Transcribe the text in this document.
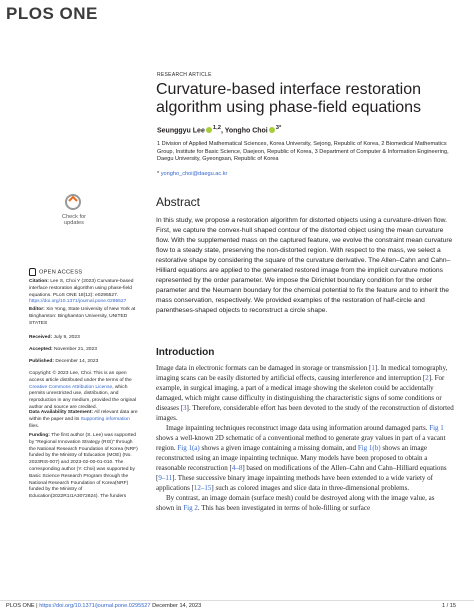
PLOS ONE
RESEARCH ARTICLE
Curvature-based interface restoration algorithm using phase-field equations
Seunggyu Lee $^{1,2}$, Yongho Choi $^{3*}$
1 Division of Applied Mathematical Sciences, Korea University, Sejong, Republic of Korea, 2 Biomedical Mathematics Group, Institute for Basic Science, Daejeon, Republic of Korea, 3 Department of Computer & Information Engineering, Daegu University, Gyeongsan, Republic of Korea
* yongho_choi@daegu.ac.kr
Check for updates
OPEN ACCESS
Citation: Lee S, Choi Y (2023) Curvature-based interface restoration algorithm using phase-field equations. PLoS ONE 18(12): e0295527. https://doi.org/10.1371/journal.pone.0295527
Editor: Xin Yong, State University of New York at Binghamton: Binghamton University, UNITED STATES
Received: July 9, 2023
Accepted: November 21, 2023
Published: December 14, 2023
Copyright: © 2023 Lee, Choi. This is an open access article distributed under the terms of the Creative Commons Attribution License, which permits unrestricted use, distribution, and reproduction in any medium, provided the original author and source are credited.
Data Availability Statement: All relevant data are within the paper and its Supporting information files.
Funding: The first author (S. Lee) was supported by "Regional Innovation Strategy (RIS)" through the National Research Foundation of Korea (NRF) funded by the Ministry of Education (MOE) (No. 2023RIS-007) and 2023-02-00-01-010. The corresponding author (Y. Choi) was supported by Basic Science Research Program through the National Research Foundation of Korea(NRF) funded by the Ministry of Education(2022R1I1A3072824). The funders
Abstract
In this study, we propose a restoration algorithm for distorted objects using a curvature-driven flow. First, we capture the convex-hull shaped contour of the distorted object using the mean curvature flow. With the supplemented mass on the captured feature, we evolve the constraint mean curvature flow to a steady state, preserving the non-distorted region. With respect to the mass, we select a restorative shape by considering the square of the curvature derivative. The Allen–Cahn and Cahn–Hilliard equations are applied to the generated restored image from the implicit curvature motions represented by the order parameter. We impose the Dirichlet boundary condition for the order parameter and the Neumann boundary for the chemical potential to fix the feature and to inherit the mass conservation, respectively. We provided examples of the restoration of half-circle and parentheses-shaped objects to reconstruct a circle shape.
Introduction

Image data in electronic formats can be damaged in storage or transmission [1]. In medical tomography, imaging scans can be easily distorted by artificial effects, causing interference and interruption [2]. For example, in surgical imaging, a part of a medical image showing the skeleton could be accidentally damaged, which might cause difficulty in distinguishing the characteristic signs of some conditions or diseases [3]. Therefore, considerable effort has been devoted to the study of the reconstruction of distorted images.

Image inpainting techniques reconstruct image data using information around damaged parts. Fig 1 shows a well-known 2D schematic of a conventional method to generate gray values in part of a vacant region. Fig 1(a) shows a given image containing a missing domain, and Fig 1(b) shows an image reconstructed using an image inpainting technique. Many models have been proposed to obtain a reasonable reconstruction [4–8] based on modifications of the Allen–Cahn and Cahn–Hilliard equations [9–11]. These successive binary image inpainting methods have been extended to a wide variety of applications [12–15] such as colored images and slice data in three-dimensional problems.

By contrast, an image domain (surface mesh) could be destroyed along with the image value, as shown in Fig 2. This has been investigated in terms of hole-filling or surface

PLOS ONE | https://doi.org/10.1371/journal.pone.0295527 December 14, 2023	1 / 15
